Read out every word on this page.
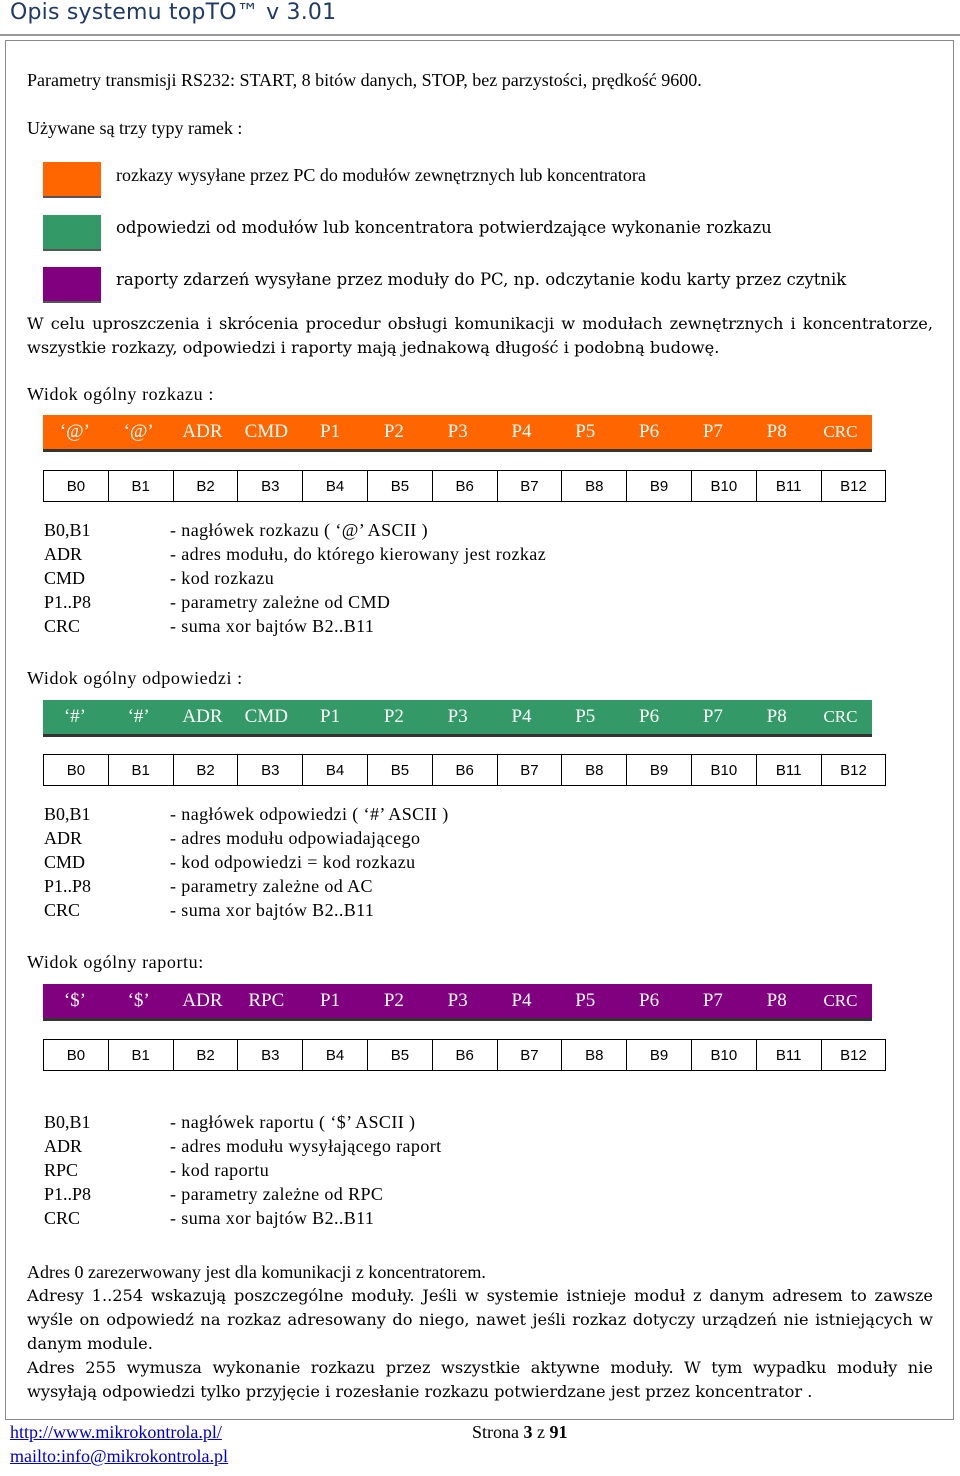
Opis systemu topTO™ v 3.01
Parametry transmisji RS232: START, 8 bitów danych, STOP, bez parzystości, prędkość 9600.
Używane są trzy typy ramek :
rozkazy wysyłane przez PC do modułów zewnętrznych lub koncentratora
odpowiedzi od modułów lub koncentratora potwierdzające wykonanie rozkazu
raporty zdarzeń wysyłane przez moduły do PC, np. odczytanie kodu karty przez czytnik
W celu uproszczenia i skrócenia procedur obsługi komunikacji w modułach zewnętrznych i koncentratorze, wszystkie rozkazy, odpowiedzi i raporty mają jednakową długość i podobną budowę.
Widok ogólny rozkazu :
‘@’	‘@’	ADR	CMD	P1	P2	P3	P4	P5	P6	P7	P8	CRC
B0	B1	B2	B3	B4	B5	B6	B7	B8	B9	B10	B11	B12
Widok ogólny odpowiedzi :
‘#’	‘#’	ADR	CMD	P1	P2	P3	P4	P5	P6	P7	P8	CRC
B0	B1	B2	B3	B4	B5	B6	B7	B8	B9	B10	B11	B12
Widok ogólny raportu:
‘$’	‘$’	ADR	RPC	P1	P2	P3	P4	P5	P6	P7	P8	CRC
B0	B1	B2	B3	B4	B5	B6	B7	B8	B9	B10	B11	B12
Adres 0 zarezerwowany jest dla komunikacji z koncentratorem.
Adresy 1..254 wskazują poszczególne moduły. Jeśli w systemie istnieje moduł z danym adresem to zawsze wyśle on odpowiedź na rozkaz adresowany do niego, nawet jeśli rozkaz dotyczy urządzeń nie istniejących w danym module.
Adres 255 wymusza wykonanie rozkazu przez wszystkie aktywne moduły. W tym wypadku moduły nie wysyłają odpowiedzi tylko przyjęcie i rozesłanie rozkazu potwierdzane jest przez koncentrator .
http://www.mikrokontrola.pl/
mailto:info@mikrokontrola.pl
Strona 3 z 91
B0,B1	- nagłówek rozkazu ( ‘@’ ASCII )
ADR	- adres modułu, do którego kierowany jest rozkaz
CMD	- kod rozkazu
P1..P8	- parametry zależne od CMD
CRC	- suma xor bajtów B2..B11
B0,B1	- nagłówek odpowiedzi ( ‘#’ ASCII )
ADR	- adres modułu odpowiadającego
CMD	- kod odpowiedzi = kod rozkazu
P1..P8	- parametry zależne od AC
CRC	- suma xor bajtów B2..B11
B0,B1	- nagłówek raportu ( ‘$’ ASCII )
ADR	- adres modułu wysyłającego raport
RPC	- kod raportu
P1..P8	- parametry zależne od RPC
CRC	- suma xor bajtów B2..B11
